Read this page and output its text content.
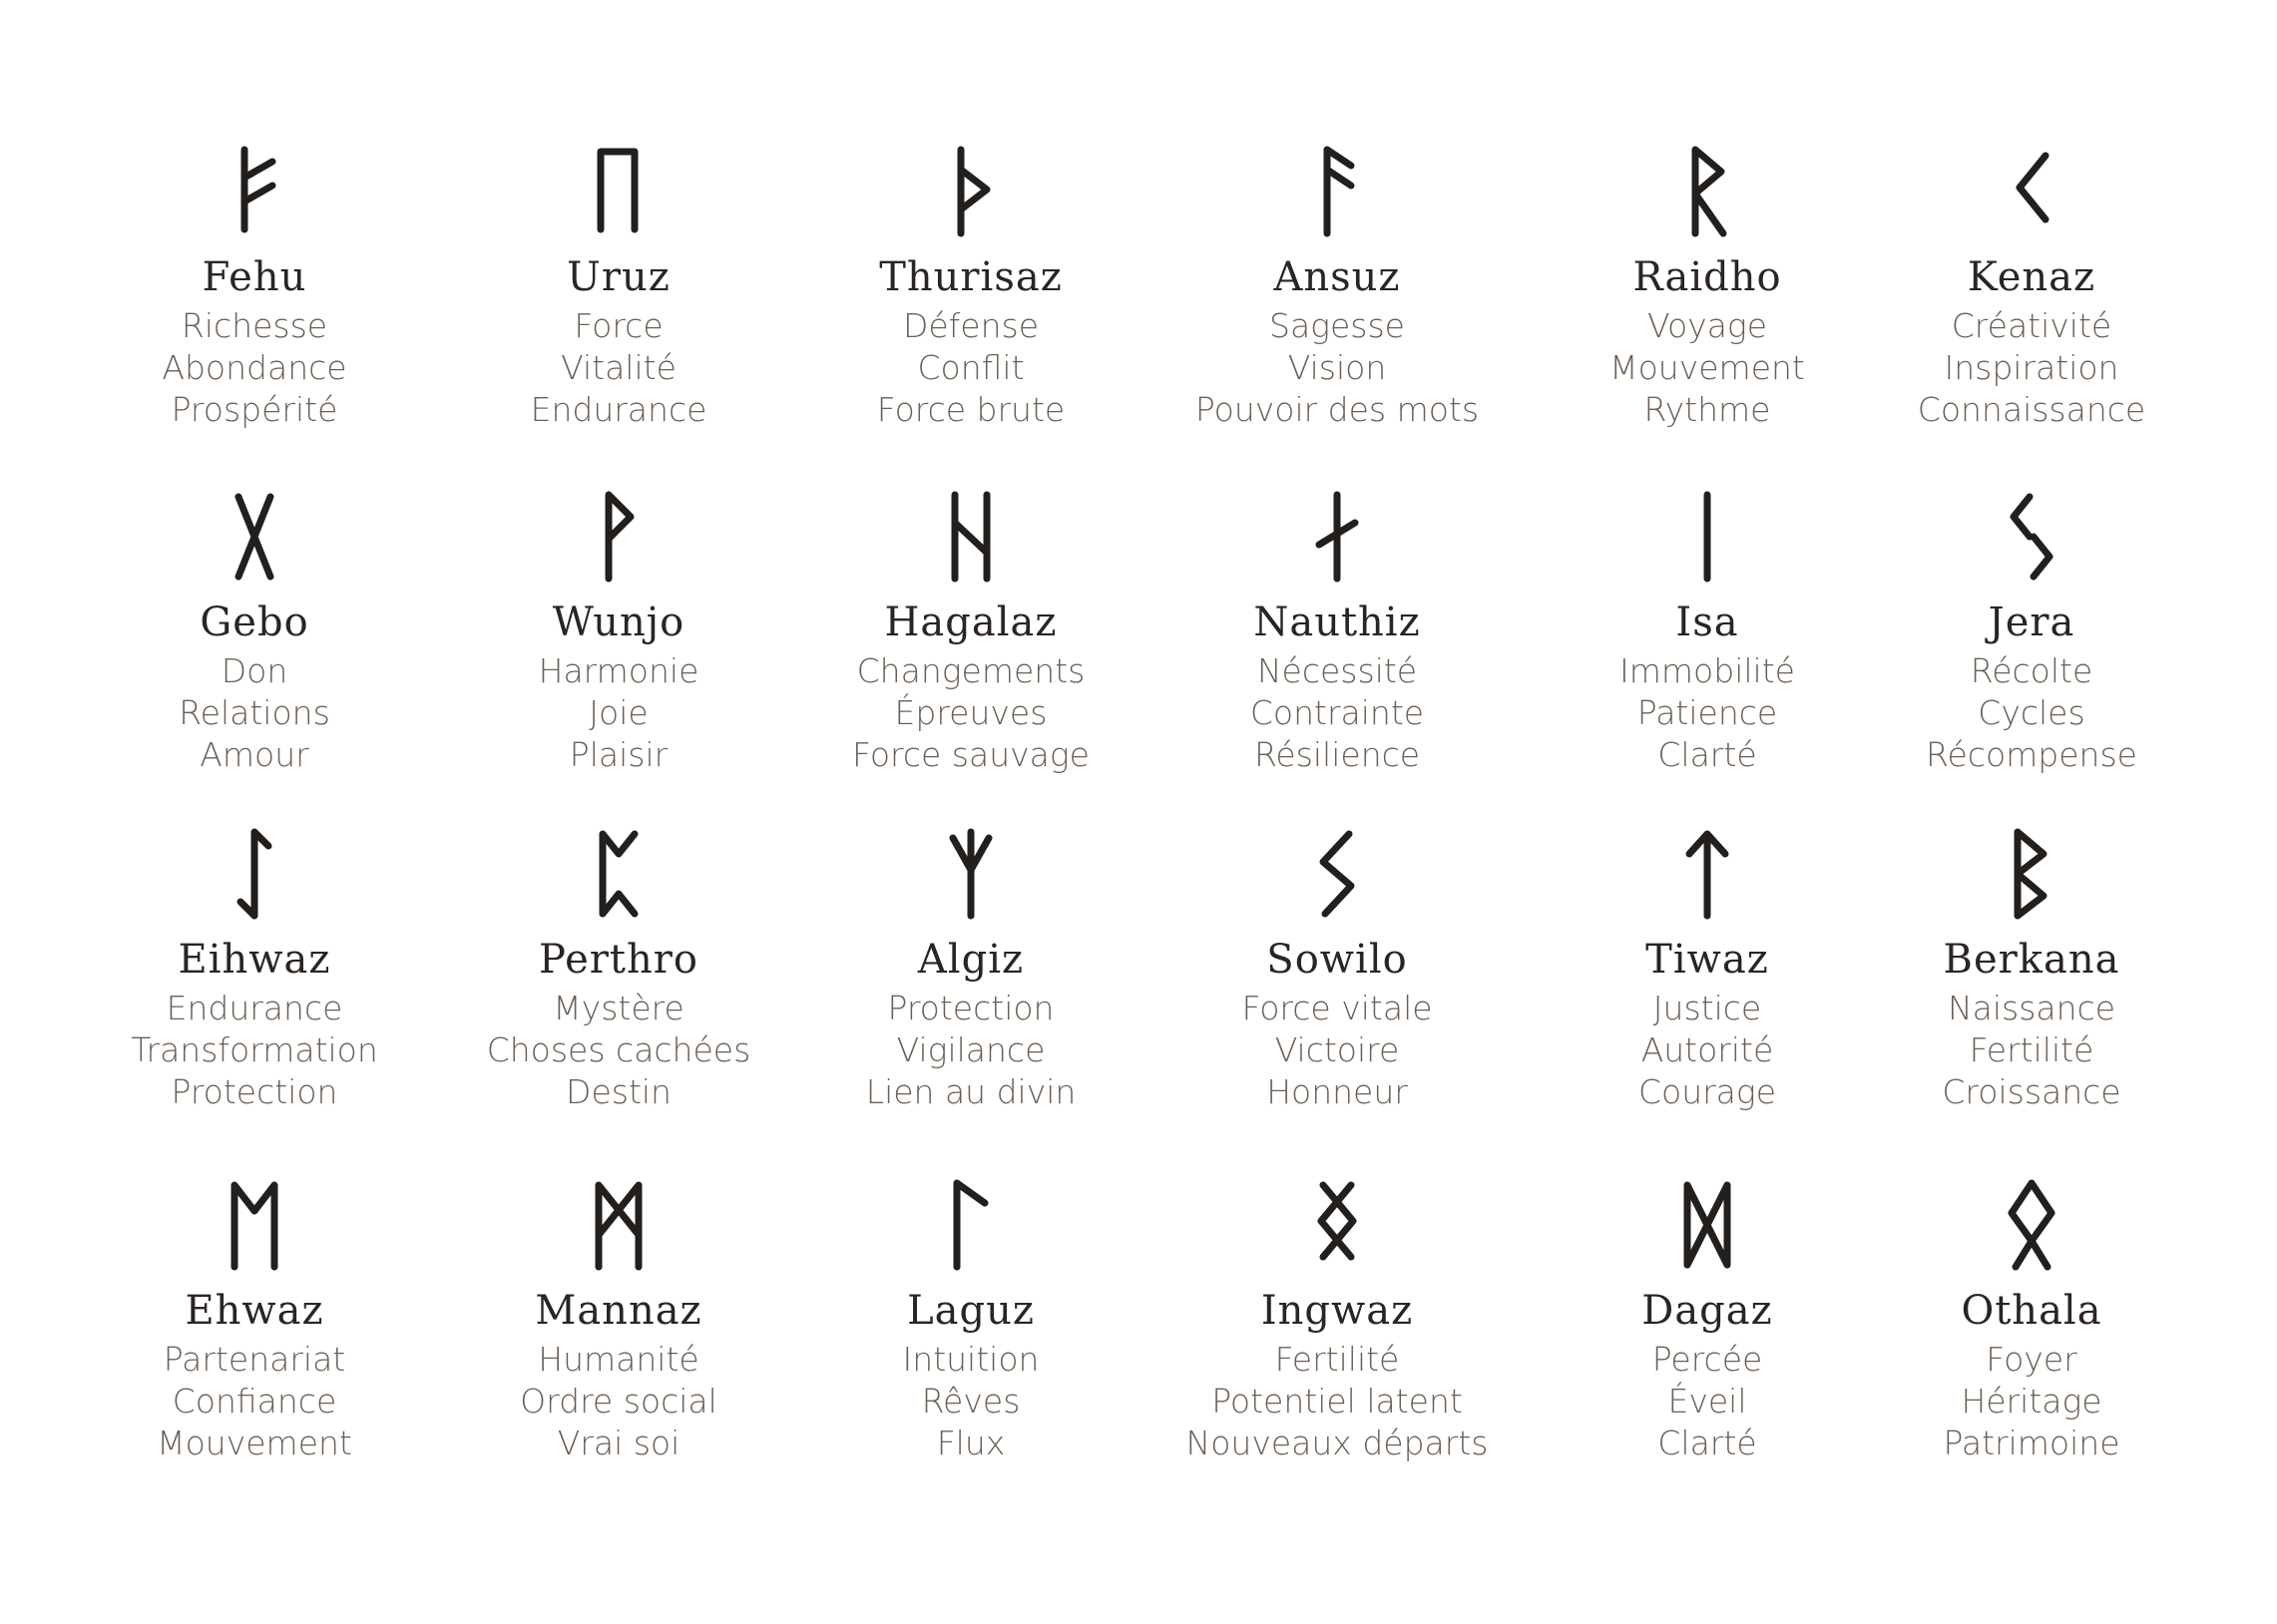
Fehu
Richesse
Abondance
Prospérité
Uruz
Force
Vitalité
Endurance
Thurisaz
Défense
Conflit
Force brute
Ansuz
Sagesse
Vision
Pouvoir des mots
Raidho
Voyage
Mouvement
Rythme
Kenaz
Créativité
Inspiration
Connaissance
Gebo
Don
Relations
Amour
Wunjo
Harmonie
Joie
Plaisir
Hagalaz
Changements
Épreuves
Force sauvage
Nauthiz
Nécessité
Contrainte
Résilience
Isa
Immobilité
Patience
Clarté
Jera
Récolte
Cycles
Récompense
Eihwaz
Endurance
Transformation
Protection
Perthro
Mystère
Choses cachées
Destin
Algiz
Protection
Vigilance
Lien au divin
Sowilo
Force vitale
Victoire
Honneur
Tiwaz
Justice
Autorité
Courage
Berkana
Naissance
Fertilité
Croissance
Ehwaz
Partenariat
Confiance
Mouvement
Mannaz
Humanité
Ordre social
Vrai soi
Laguz
Intuition
Rêves
Flux
Ingwaz
Fertilité
Potentiel latent
Nouveaux départs
Dagaz
Percée
Éveil
Clarté
Othala
Foyer
Héritage
Patrimoine
